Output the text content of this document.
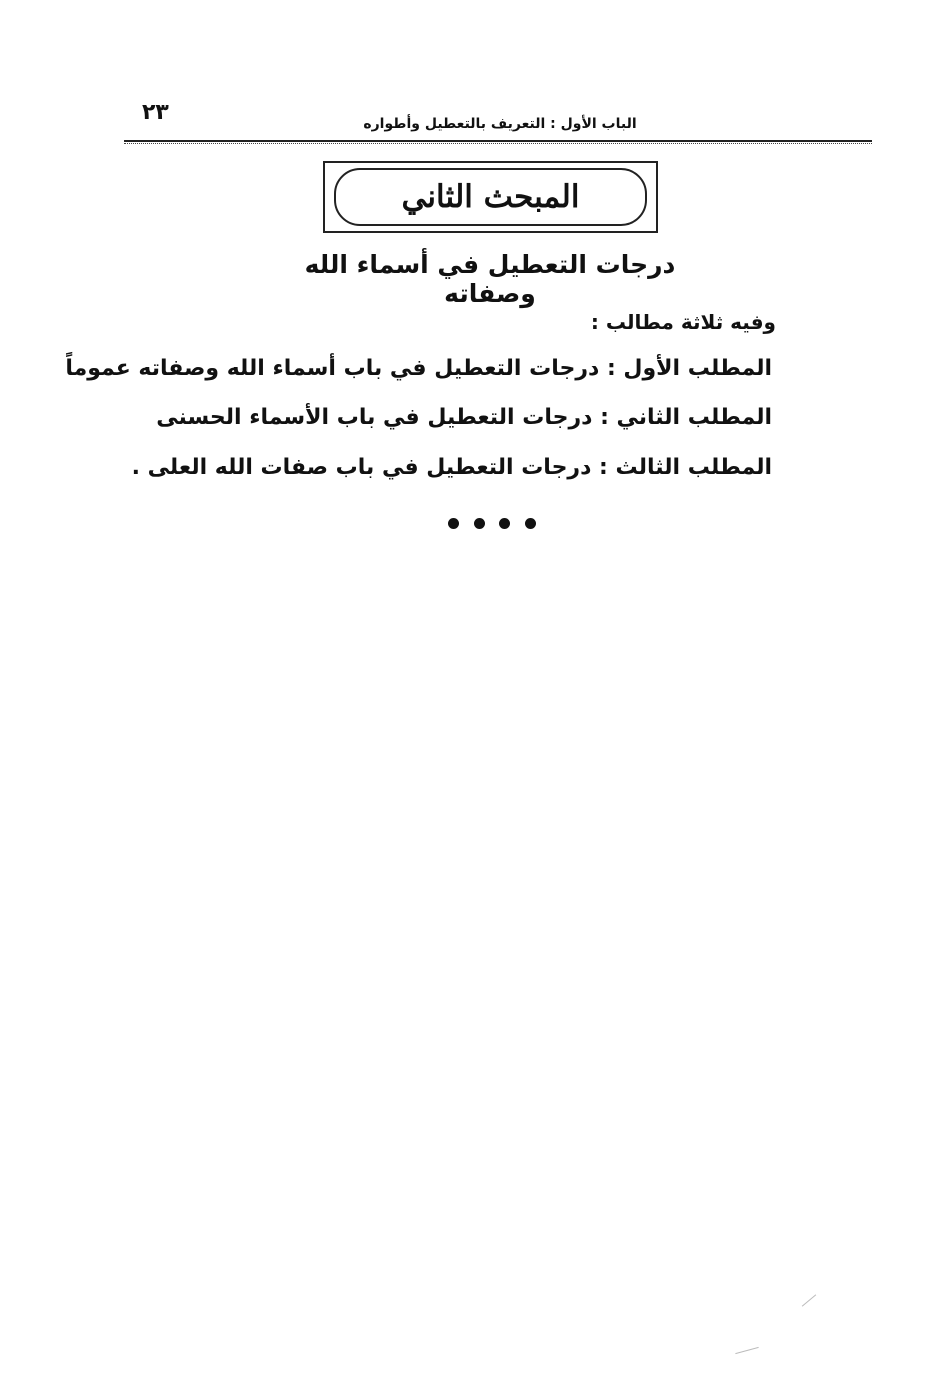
٢٣	الباب الأول : التعريف بالتعطيل وأطواره
المبحث الثاني
درجات التعطيل في أسماء الله وصفاته
وفيه ثلاثة مطالب :
المطلب الأول : درجات التعطيل في باب أسماء الله وصفاته عموماً
المطلب الثاني : درجات التعطيل في باب الأسماء الحسنى
المطلب الثالث : درجات التعطيل في باب صفات الله العلى .
